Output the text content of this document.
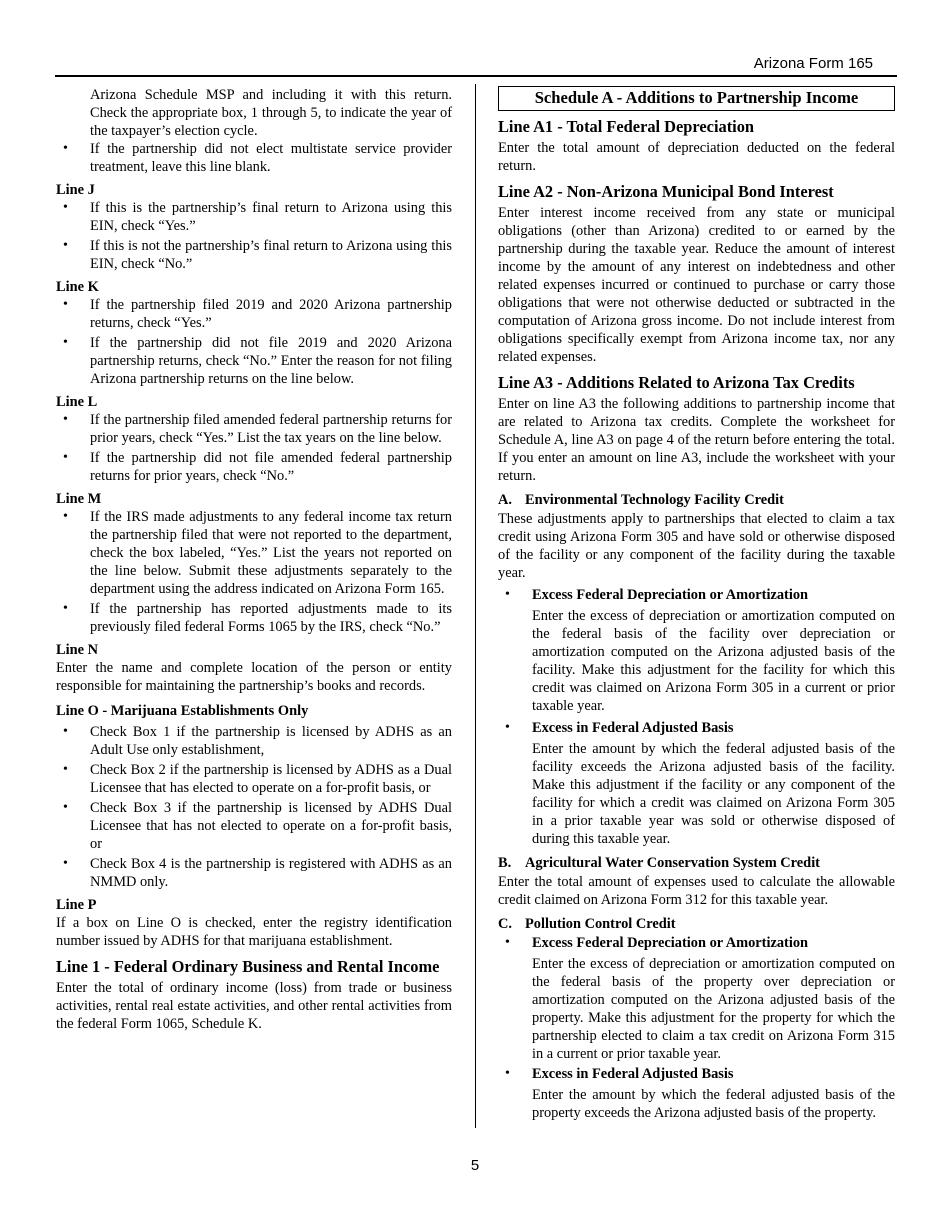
Arizona Form 165

Arizona Schedule MSP and including it with this return. Check the appropriate box, 1 through 5, to indicate the year of the taxpayer’s election cycle.

• If the partnership did not elect multistate service provider treatment, leave this line blank.
Line J
• If this is the partnership’s final return to Arizona using this EIN, check “Yes.”
• If this is not the partnership’s final return to Arizona using this EIN, check “No.”
Line K
• If the partnership filed 2019 and 2020 Arizona partnership returns, check “Yes.”
• If the partnership did not file 2019 and 2020 Arizona partnership returns, check “No.” Enter the reason for not filing Arizona partnership returns on the line below.
Line L
• If the partnership filed amended federal partnership returns for prior years, check “Yes.” List the tax years on the line below.
• If the partnership did not file amended federal partnership returns for prior years, check “No.”
Line M
• If the IRS made adjustments to any federal income tax return the partnership filed that were not reported to the department, check the box labeled, “Yes.” List the years not reported on the line below. Submit these adjustments separately to the department using the address indicated on Arizona Form 165.
• If the partnership has reported adjustments made to its previously filed federal Forms 1065 by the IRS, check “No.”
Line N

Enter the name and complete location of the person or entity responsible for maintaining the partnership’s books and records.

Line O - Marijuana Establishments Only
• Check Box 1 if the partnership is licensed by ADHS as an Adult Use only establishment,
• Check Box 2 if the partnership is licensed by ADHS as a Dual Licensee that has elected to operate on a for-profit basis, or
• Check Box 3 if the partnership is licensed by ADHS Dual Licensee that has not elected to operate on a for-profit basis, or
• Check Box 4 is the partnership is registered with ADHS as an NMMD only.
Line P

If a box on Line O is checked, enter the registry identification number issued by ADHS for that marijuana establishment.

Line 1 - Federal Ordinary Business and Rental Income

Enter the total of ordinary income (loss) from trade or business activities, rental real estate activities, and other rental activities from the federal Form 1065, Schedule K.

Schedule A - Additions to Partnership Income
Line A1 - Total Federal Depreciation

Enter the total amount of depreciation deducted on the federal return.

Line A2 - Non-Arizona Municipal Bond Interest

Enter interest income received from any state or municipal obligations (other than Arizona) credited to or earned by the partnership during the taxable year. Reduce the amount of interest income by the amount of any interest on indebtedness and other related expenses incurred or continued to purchase or carry those obligations that were not otherwise deducted or subtracted in the computation of Arizona gross income. Do not include interest from obligations specifically exempt from Arizona income tax, nor any related expenses.

Line A3 - Additions Related to Arizona Tax Credits

Enter on line A3 the following additions to partnership income that are related to Arizona tax credits. Complete the worksheet for Schedule A, line A3 on page 4 of the return before entering the total. If you enter an amount on line A3, include the worksheet with your return.

A. Environmental Technology Facility Credit

These adjustments apply to partnerships that elected to claim a tax credit using Arizona Form 305 and have sold or otherwise disposed of the facility or any component of the facility during the taxable year.

• Excess Federal Depreciation or Amortization
Enter the excess of depreciation or amortization computed on the federal basis of the facility over depreciation or amortization computed on the Arizona adjusted basis of the facility. Make this adjustment for the facility for which this credit was claimed on Arizona Form 305 in a current or prior taxable year.
• Excess in Federal Adjusted Basis
Enter the amount by which the federal adjusted basis of the facility exceeds the Arizona adjusted basis of the facility. Make this adjustment if the facility or any component of the facility for which a credit was claimed on Arizona Form 305 in a prior taxable year was sold or otherwise disposed of during this taxable year.
B. Agricultural Water Conservation System Credit

Enter the total amount of expenses used to calculate the allowable credit claimed on Arizona Form 312 for this taxable year.

C. Pollution Control Credit
• Excess Federal Depreciation or Amortization
Enter the excess of depreciation or amortization computed on the federal basis of the property over depreciation or amortization computed on the Arizona adjusted basis of the property. Make this adjustment for the property for which the partnership elected to claim a tax credit on Arizona Form 315 in a current or prior taxable year.
• Excess in Federal Adjusted Basis
Enter the amount by which the federal adjusted basis of the property exceeds the Arizona adjusted basis of the property.
5
